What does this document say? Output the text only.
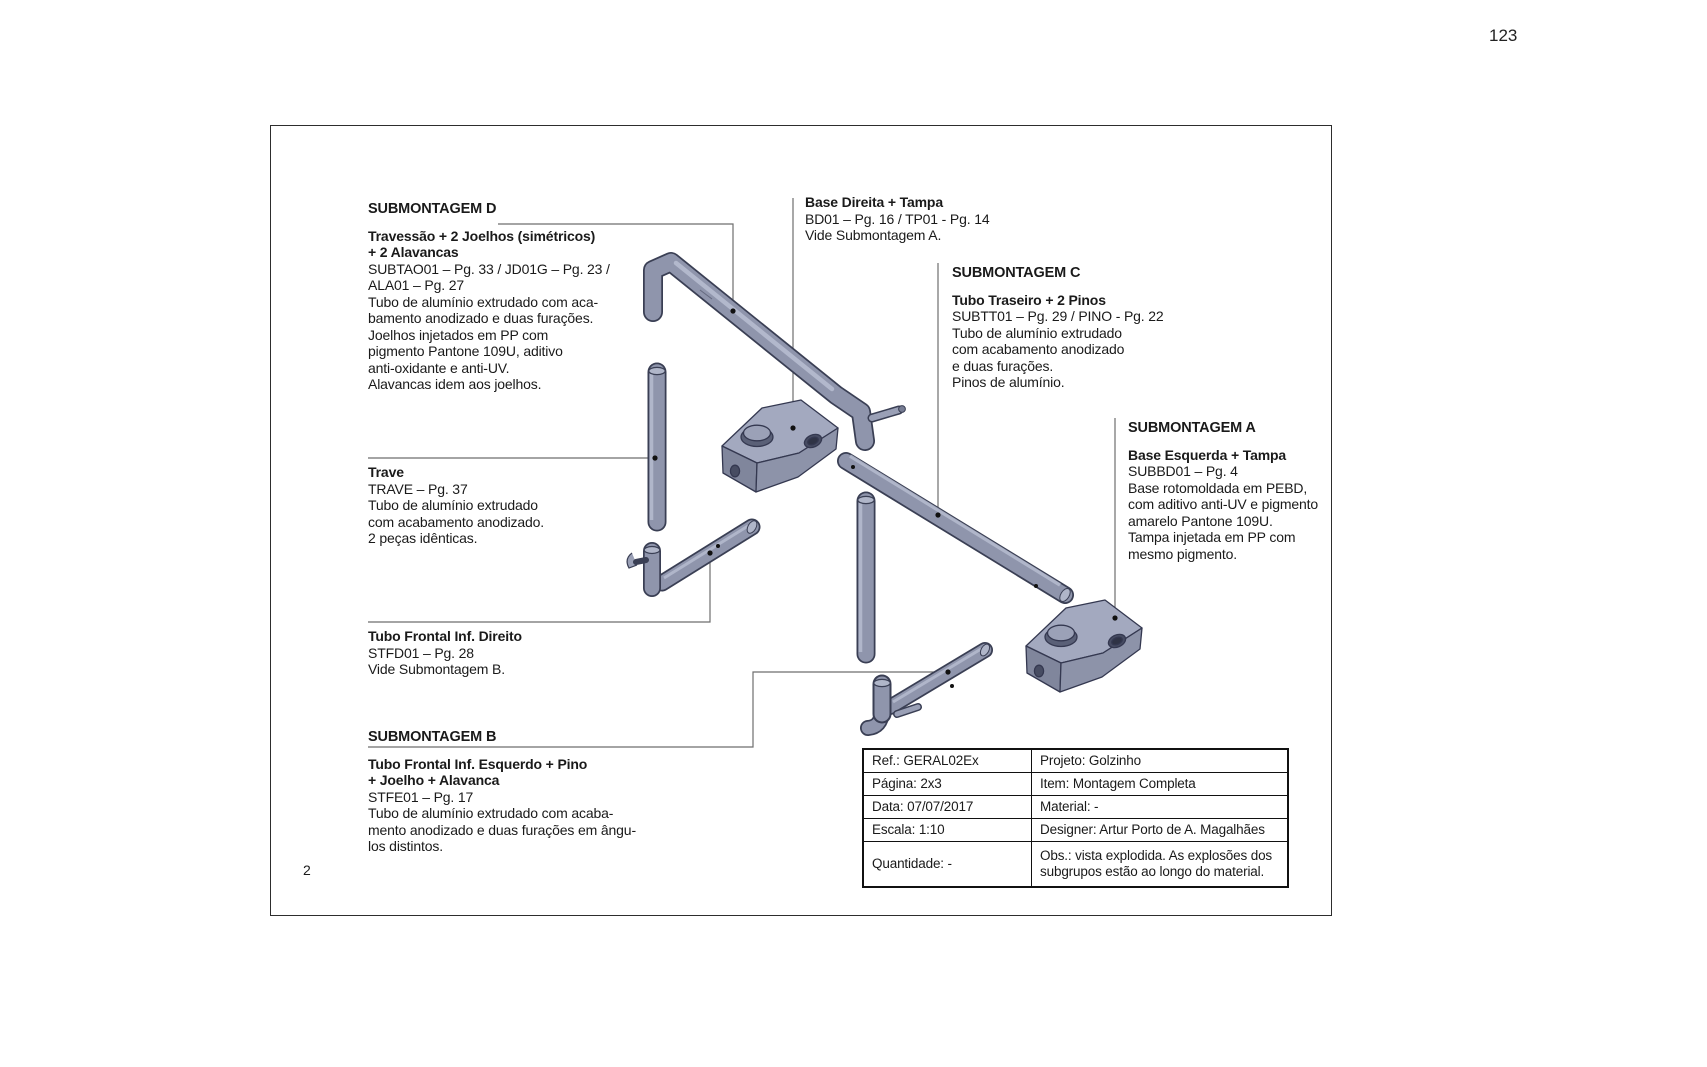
123
SUBMONTAGEM D
Travessão + 2 Joelhos (simétricos)
+ 2 Alavancas
SUBTAO01 – Pg. 33 / JD01G – Pg. 23 /
ALA01 – Pg. 27
Tubo de alumínio extrudado com aca-
bamento anodizado e duas furações.
Joelhos injetados em PP com
pigmento Pantone 109U, aditivo
anti-oxidante e anti-UV.
Alavancas idem aos joelhos.
Base Direita + Tampa
BD01 – Pg. 16 / TP01 - Pg. 14
Vide Submontagem A.
SUBMONTAGEM C
Tubo Traseiro + 2 Pinos
SUBTT01 – Pg. 29 / PINO - Pg. 22
Tubo de alumínio extrudado
com acabamento anodizado
e duas furações.
Pinos de alumínio.
SUBMONTAGEM A
Base Esquerda + Tampa
SUBBD01 – Pg. 4
Base rotomoldada em PEBD,
com aditivo anti-UV e pigmento
amarelo Pantone 109U.
Tampa injetada em PP com
mesmo pigmento.
Trave
TRAVE – Pg. 37
Tubo de alumínio extrudado
com acabamento anodizado.
2 peças idênticas.
Tubo Frontal Inf. Direito
STFD01 – Pg. 28
Vide Submontagem B.
SUBMONTAGEM B
Tubo Frontal Inf. Esquerdo + Pino
+ Joelho + Alavanca
STFE01 – Pg. 17
Tubo de alumínio extrudado com acaba-
mento anodizado e duas furações em ângu-
los distintos.
2
Ref.: GERAL02Ex	Projeto: Golzinho
Página: 2x3	Item: Montagem Completa
Data: 07/07/2017	Material: -
Escala: 1:10	Designer: Artur Porto de A. Magalhães
Quantidade: -	Obs.: vista explodida. As explosões dos subgrupos estão ao longo do material.
